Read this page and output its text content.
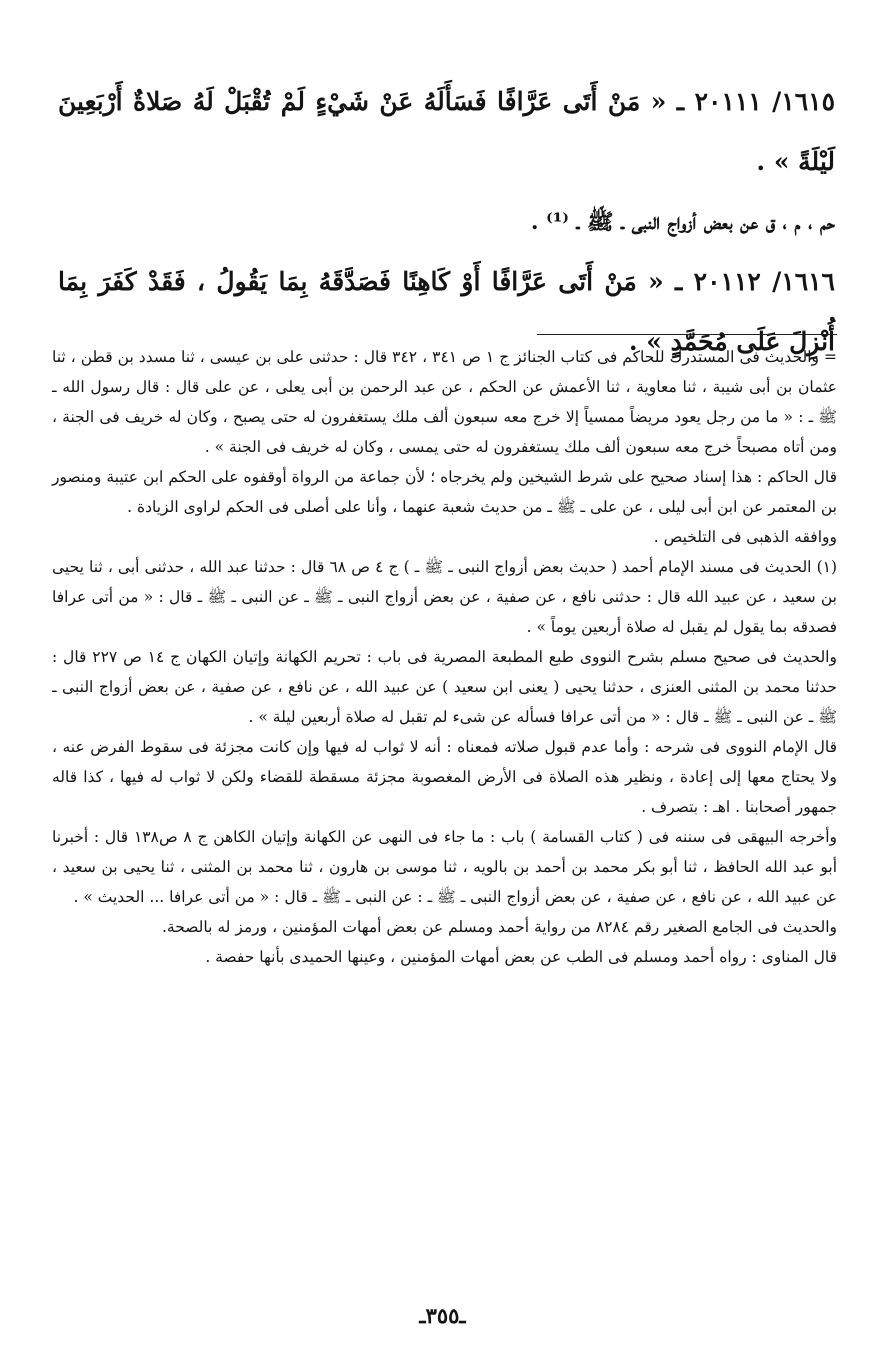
١٦١٥/ ٢٠١١١ ـ « مَنْ أَتَى عَرَّافًا فَسَأَلَهُ عَنْ شَيْءٍ لَمْ تُقْبَلْ لَهُ صَلاةٌ أَرْبَعِينَ لَيْلَةً » .

حم ، م ، ق عن بعض أزواج النبى ـ ﷺ ـ ⁽¹⁾ .

١٦١٦/ ٢٠١١٢ ـ « مَنْ أَتَى عَرَّافًا أَوْ كَاهِنًا فَصَدَّقَهُ بِمَا يَقُولُ ، فَقَدْ كَفَرَ بِمَا أُنْزِلَ عَلَى مُحَمَّدٍ » .

= والحديث فى المستدرك للحاكم فى كتاب الجنائز ج ١ ص ٣٤١ ، ٣٤٢ قال : حدثنى على بن عيسى ، ثنا مسدد بن قطن ، ثنا عثمان بن أبى شيبة ، ثنا معاوية ، ثنا الأعمش عن الحكم ، عن عبد الرحمن بن أبى يعلى ، عن على قال : قال رسول الله ـ ﷺ ـ : « ما من رجل يعود مريضاً ممسياً إلا خرج معه سبعون ألف ملك يستغفرون له حتى يصبح ، وكان له خريف فى الجنة ، ومن أتاه مصبحاً خرج معه سبعون ألف ملك يستغفرون له حتى يمسى ، وكان له خريف فى الجنة » .

قال الحاكم : هذا إسناد صحيح على شرط الشيخين ولم يخرجاه ؛ لأن جماعة من الرواة أوقفوه على الحكم ابن عتيبة ومنصور بن المعتمر عن ابن أبى ليلى ، عن على ـ ﷺ ـ من حديث شعبة عنهما ، وأنا على أصلى فى الحكم لراوى الزيادة .

ووافقه الذهبى فى التلخيص .

(١) الحديث فى مسند الإمام أحمد ( حديث بعض أزواج النبى ـ ﷺ ـ ) ج ٤ ص ٦٨ قال : حدثنا عبد الله ، حدثنى أبى ، ثنا يحيى بن سعيد ، عن عبيد الله قال : حدثنى نافع ، عن صفية ، عن بعض أزواج النبى ـ ﷺ ـ عن النبى ـ ﷺ ـ قال : « من أتى عرافا فصدقه بما يقول لم يقبل له صلاة أربعين يوماً » .

والحديث فى صحيح مسلم بشرح النووى طبع المطبعة المصرية فى باب : تحريم الكهانة وإتيان الكهان ج ١٤ ص ٢٢٧ قال : حدثنا محمد بن المثنى العنزى ، حدثنا يحيى ( يعنى ابن سعيد ) عن عبيد الله ، عن نافع ، عن صفية ، عن بعض أزواج النبى ـ ﷺ ـ عن النبى ـ ﷺ ـ قال : « من أتى عرافا فسأله عن شىء لم تقبل له صلاة أربعين ليلة » .

قال الإمام النووى فى شرحه : وأما عدم قبول صلاته فمعناه : أنه لا ثواب له فيها وإن كانت مجزئة فى سقوط الفرض عنه ، ولا يحتاج معها إلى إعادة ، ونظير هذه الصلاة فى الأرض المغصوبة مجزئة مسقطة للقضاء ولكن لا ثواب له فيها ، كذا قاله جمهور أصحابنا . اهـ : بتصرف .

وأخرجه البيهقى فى سننه فى ( كتاب القسامة ) باب : ما جاء فى النهى عن الكهانة وإتيان الكاهن ج ٨ ص١٣٨ قال : أخبرنا أبو عبد الله الحافظ ، ثنا أبو بكر محمد بن أحمد بن بالويه ، ثنا موسى بن هارون ، ثنا محمد بن المثنى ، ثنا يحيى بن سعيد ، عن عبيد الله ، عن نافع ، عن صفية ، عن بعض أزواج النبى ـ ﷺ ـ : عن النبى ـ ﷺ ـ قال : « من أتى عرافا ... الحديث » .

والحديث فى الجامع الصغير رقم ٨٢٨٤ من رواية أحمد ومسلم عن بعض أمهات المؤمنين ، ورمز له بالصحة.

قال المناوى : رواه أحمد ومسلم فى الطب عن بعض أمهات المؤمنين ، وعينها الحميدى بأنها حفصة .

ـ٣٥٥ـ
